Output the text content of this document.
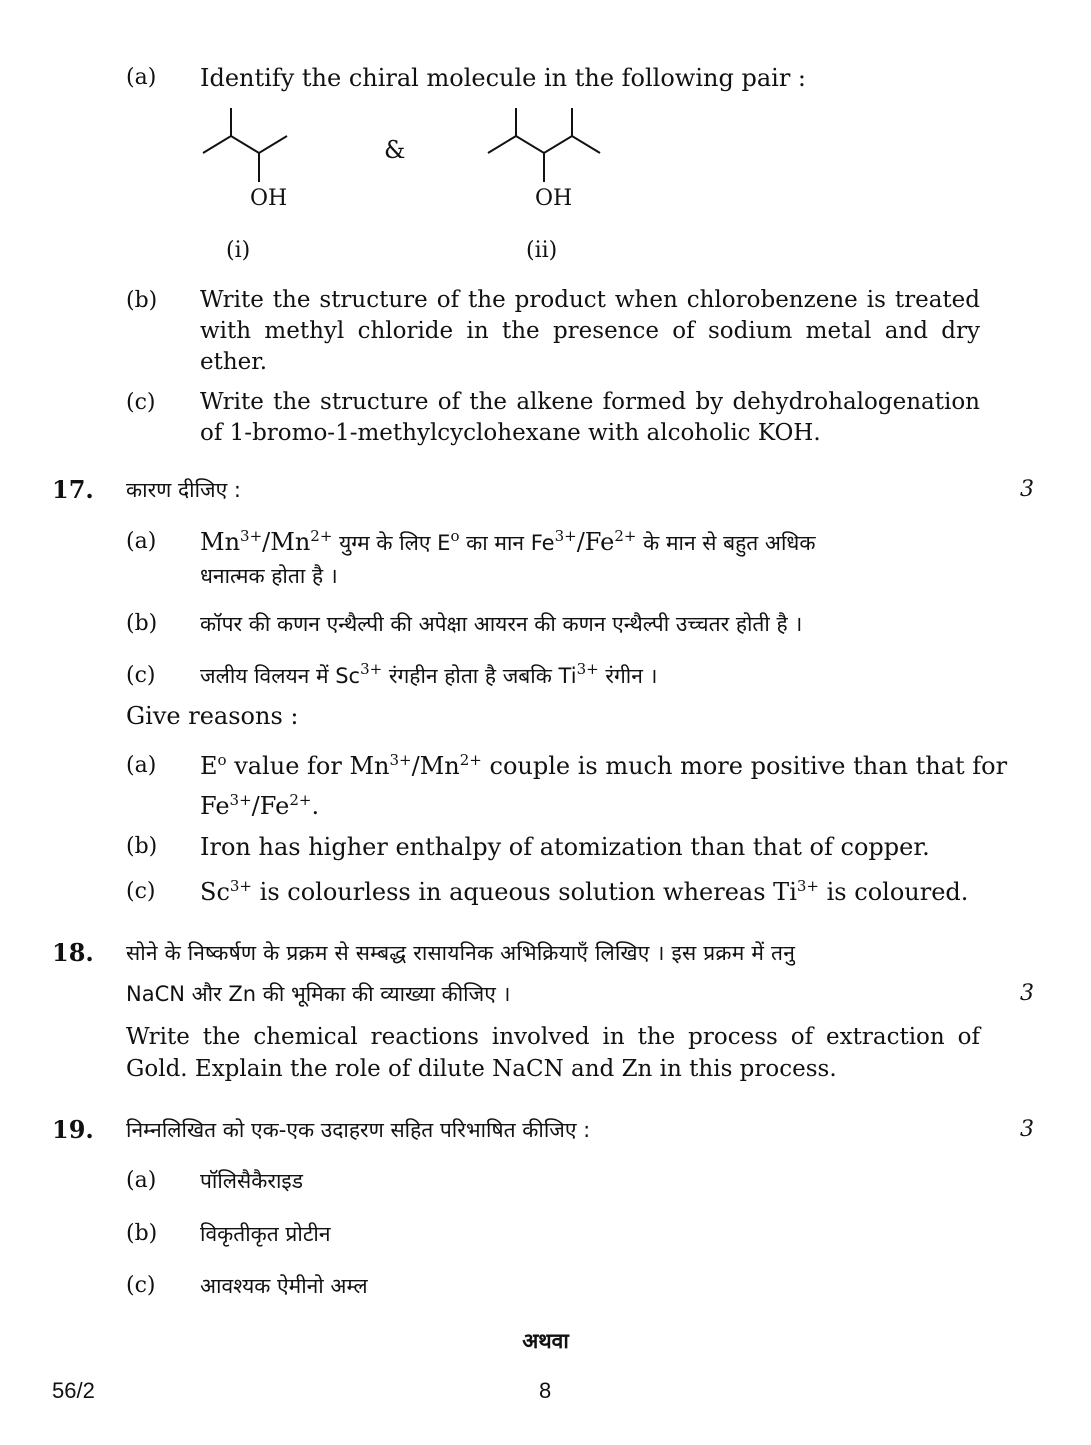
(a) Identify the chiral molecule in the following pair :
&
OH	OH
(i)	(ii)
(b) Write the structure of the product when chlorobenzene is treated with methyl chloride in the presence of sodium metal and dry ether.
(c) Write the structure of the alkene formed by dehydrohalogenation of 1-bromo-1-methylcyclohexane with alcoholic KOH.
17. कारण दीजिए :	3
(a) $Mn^{3+}/Mn^{2+}$ युग्म के लिए $E^o$ का मान $Fe^{3+}/Fe^{2+}$ के मान से बहुत अधिक
धनात्मक होता है ।
(b) कॉपर की कणन एन्थैल्पी की अपेक्षा आयरन की कणन एन्थैल्पी उच्चतर होती है ।
(c) जलीय विलयन में $Sc^{3+}$ रंगहीन होता है जबकि $Ti^{3+}$ रंगीन ।
Give reasons :
(a) $E^o$ value for $Mn^{3+}/Mn^{2+}$ couple is much more positive than that for
$Fe^{3+}/Fe^{2+}$.
(b) Iron has higher enthalpy of atomization than that of copper.
(c) $Sc^{3+}$ is colourless in aqueous solution whereas $Ti^{3+}$ is coloured.
18. सोने के निष्कर्षण के प्रक्रम से सम्बद्ध रासायनिक अभिक्रियाएँ लिखिए । इस प्रक्रम में तनु
NaCN और Zn की भूमिका की व्याख्या कीजिए ।	3
Write the chemical reactions involved in the process of extraction of Gold. Explain the role of dilute NaCN and Zn in this process.
19. निम्नलिखित को एक-एक उदाहरण सहित परिभाषित कीजिए :	3
(a) पॉलिसैकैराइड
(b) विकृतीकृत प्रोटीन
(c) आवश्यक ऐमीनो अम्ल
अथवा
56/2	8
